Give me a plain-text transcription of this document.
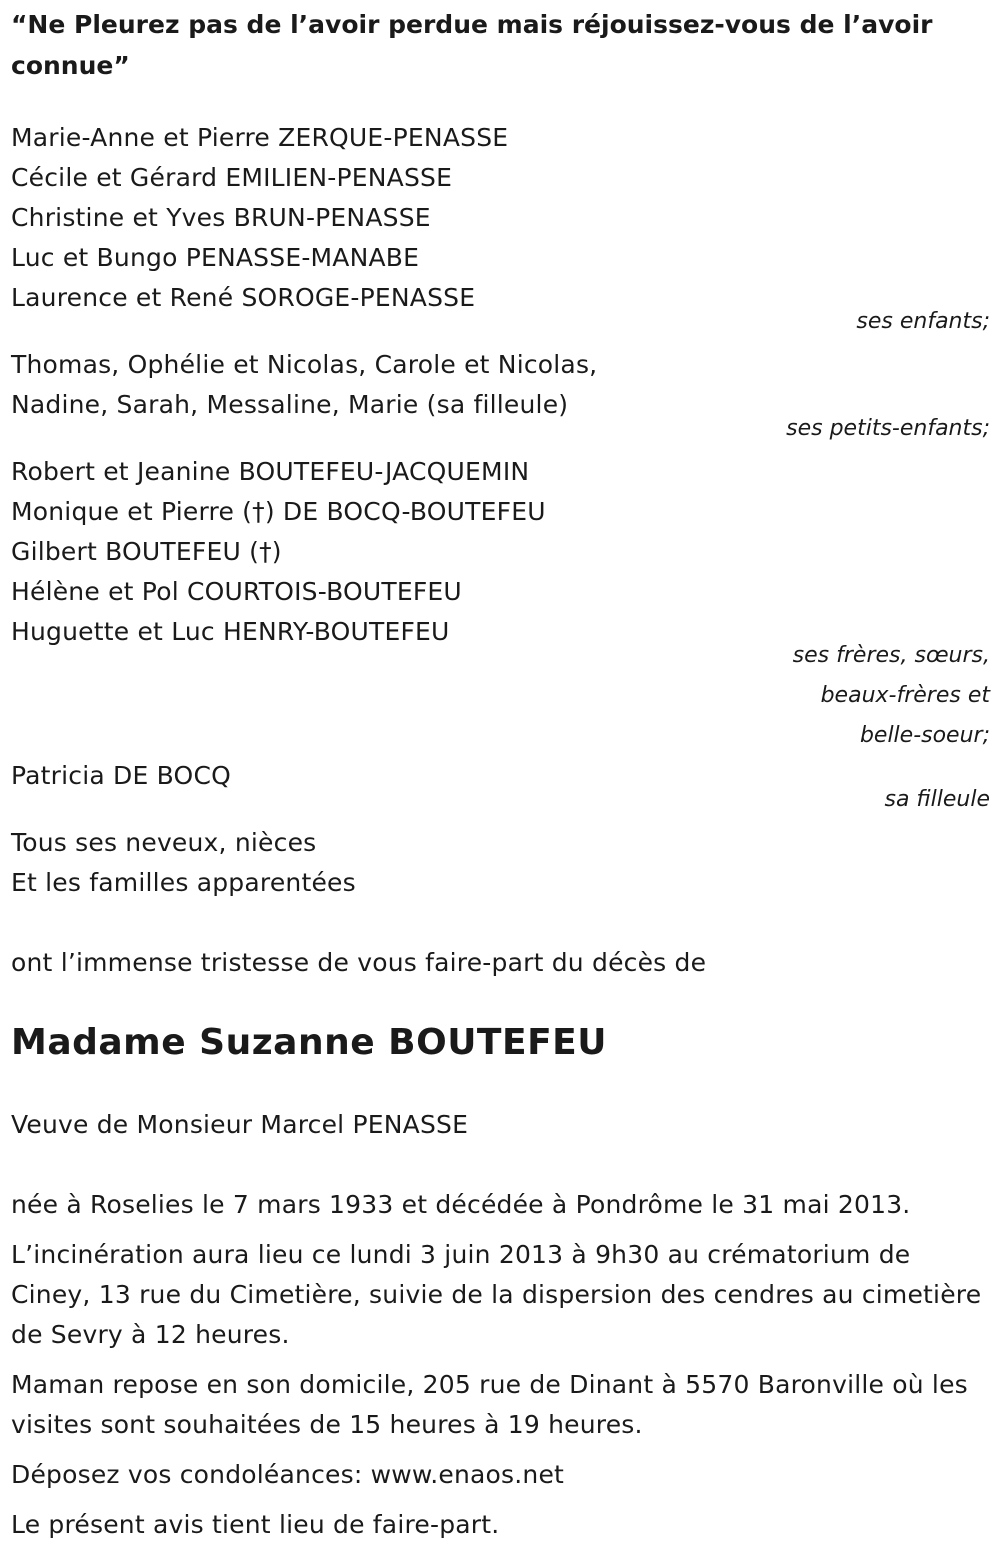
“Ne Pleurez pas de l’avoir perdue mais réjouissez-vous de l’avoir connue”
Marie-Anne et Pierre ZERQUE-PENASSE
Cécile et Gérard EMILIEN-PENASSE
Christine et Yves BRUN-PENASSE
Luc et Bungo PENASSE-MANABE
Laurence et René SOROGE-PENASSE
ses enfants;
Thomas, Ophélie et Nicolas, Carole et Nicolas,
Nadine, Sarah, Messaline, Marie (sa filleule)
ses petits-enfants;
Robert et Jeanine BOUTEFEU-JACQUEMIN
Monique et Pierre (†) DE BOCQ-BOUTEFEU
Gilbert BOUTEFEU (†)
Hélène et Pol COURTOIS-BOUTEFEU
Huguette et Luc HENRY-BOUTEFEU
ses frères, sœurs,
beaux-frères et
belle-soeur;
Patricia DE BOCQ
sa filleule
Tous ses neveux, nièces
Et les familles apparentées
ont l’immense tristesse de vous faire-part du décès de
Madame Suzanne BOUTEFEU
Veuve de Monsieur Marcel PENASSE
née à Roselies le 7 mars 1933 et décédée à Pondrôme le 31 mai 2013.
L’incinération aura lieu ce lundi 3 juin 2013 à 9h30 au crématorium de Ciney, 13 rue du Cimetière, suivie de la dispersion des cendres au cimetière de Sevry à 12 heures.
Maman repose en son domicile, 205 rue de Dinant à 5570 Baronville où les visites sont souhaitées de 15 heures à 19 heures.
Déposez vos condoléances: www.enaos.net
Le présent avis tient lieu de faire-part.
